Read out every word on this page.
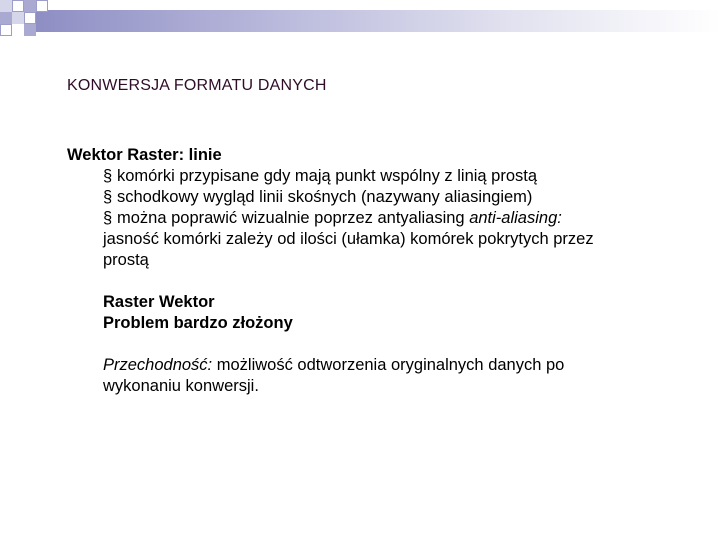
KONWERSJA FORMATU DANYCH
Wektor Raster: linie
§ komórki przypisane gdy mają punkt wspólny z linią prostą
§ schodkowy wygląd linii skośnych (nazywany aliasingiem)
§ można poprawić wizualnie poprzez antyaliasing anti-aliasing:
jasność komórki zależy od ilości (ułamka) komórek pokrytych przez
prostą
Raster Wektor
Problem bardzo złożony
Przechodność: możliwość odtworzenia oryginalnych danych po
wykonaniu konwersji.
